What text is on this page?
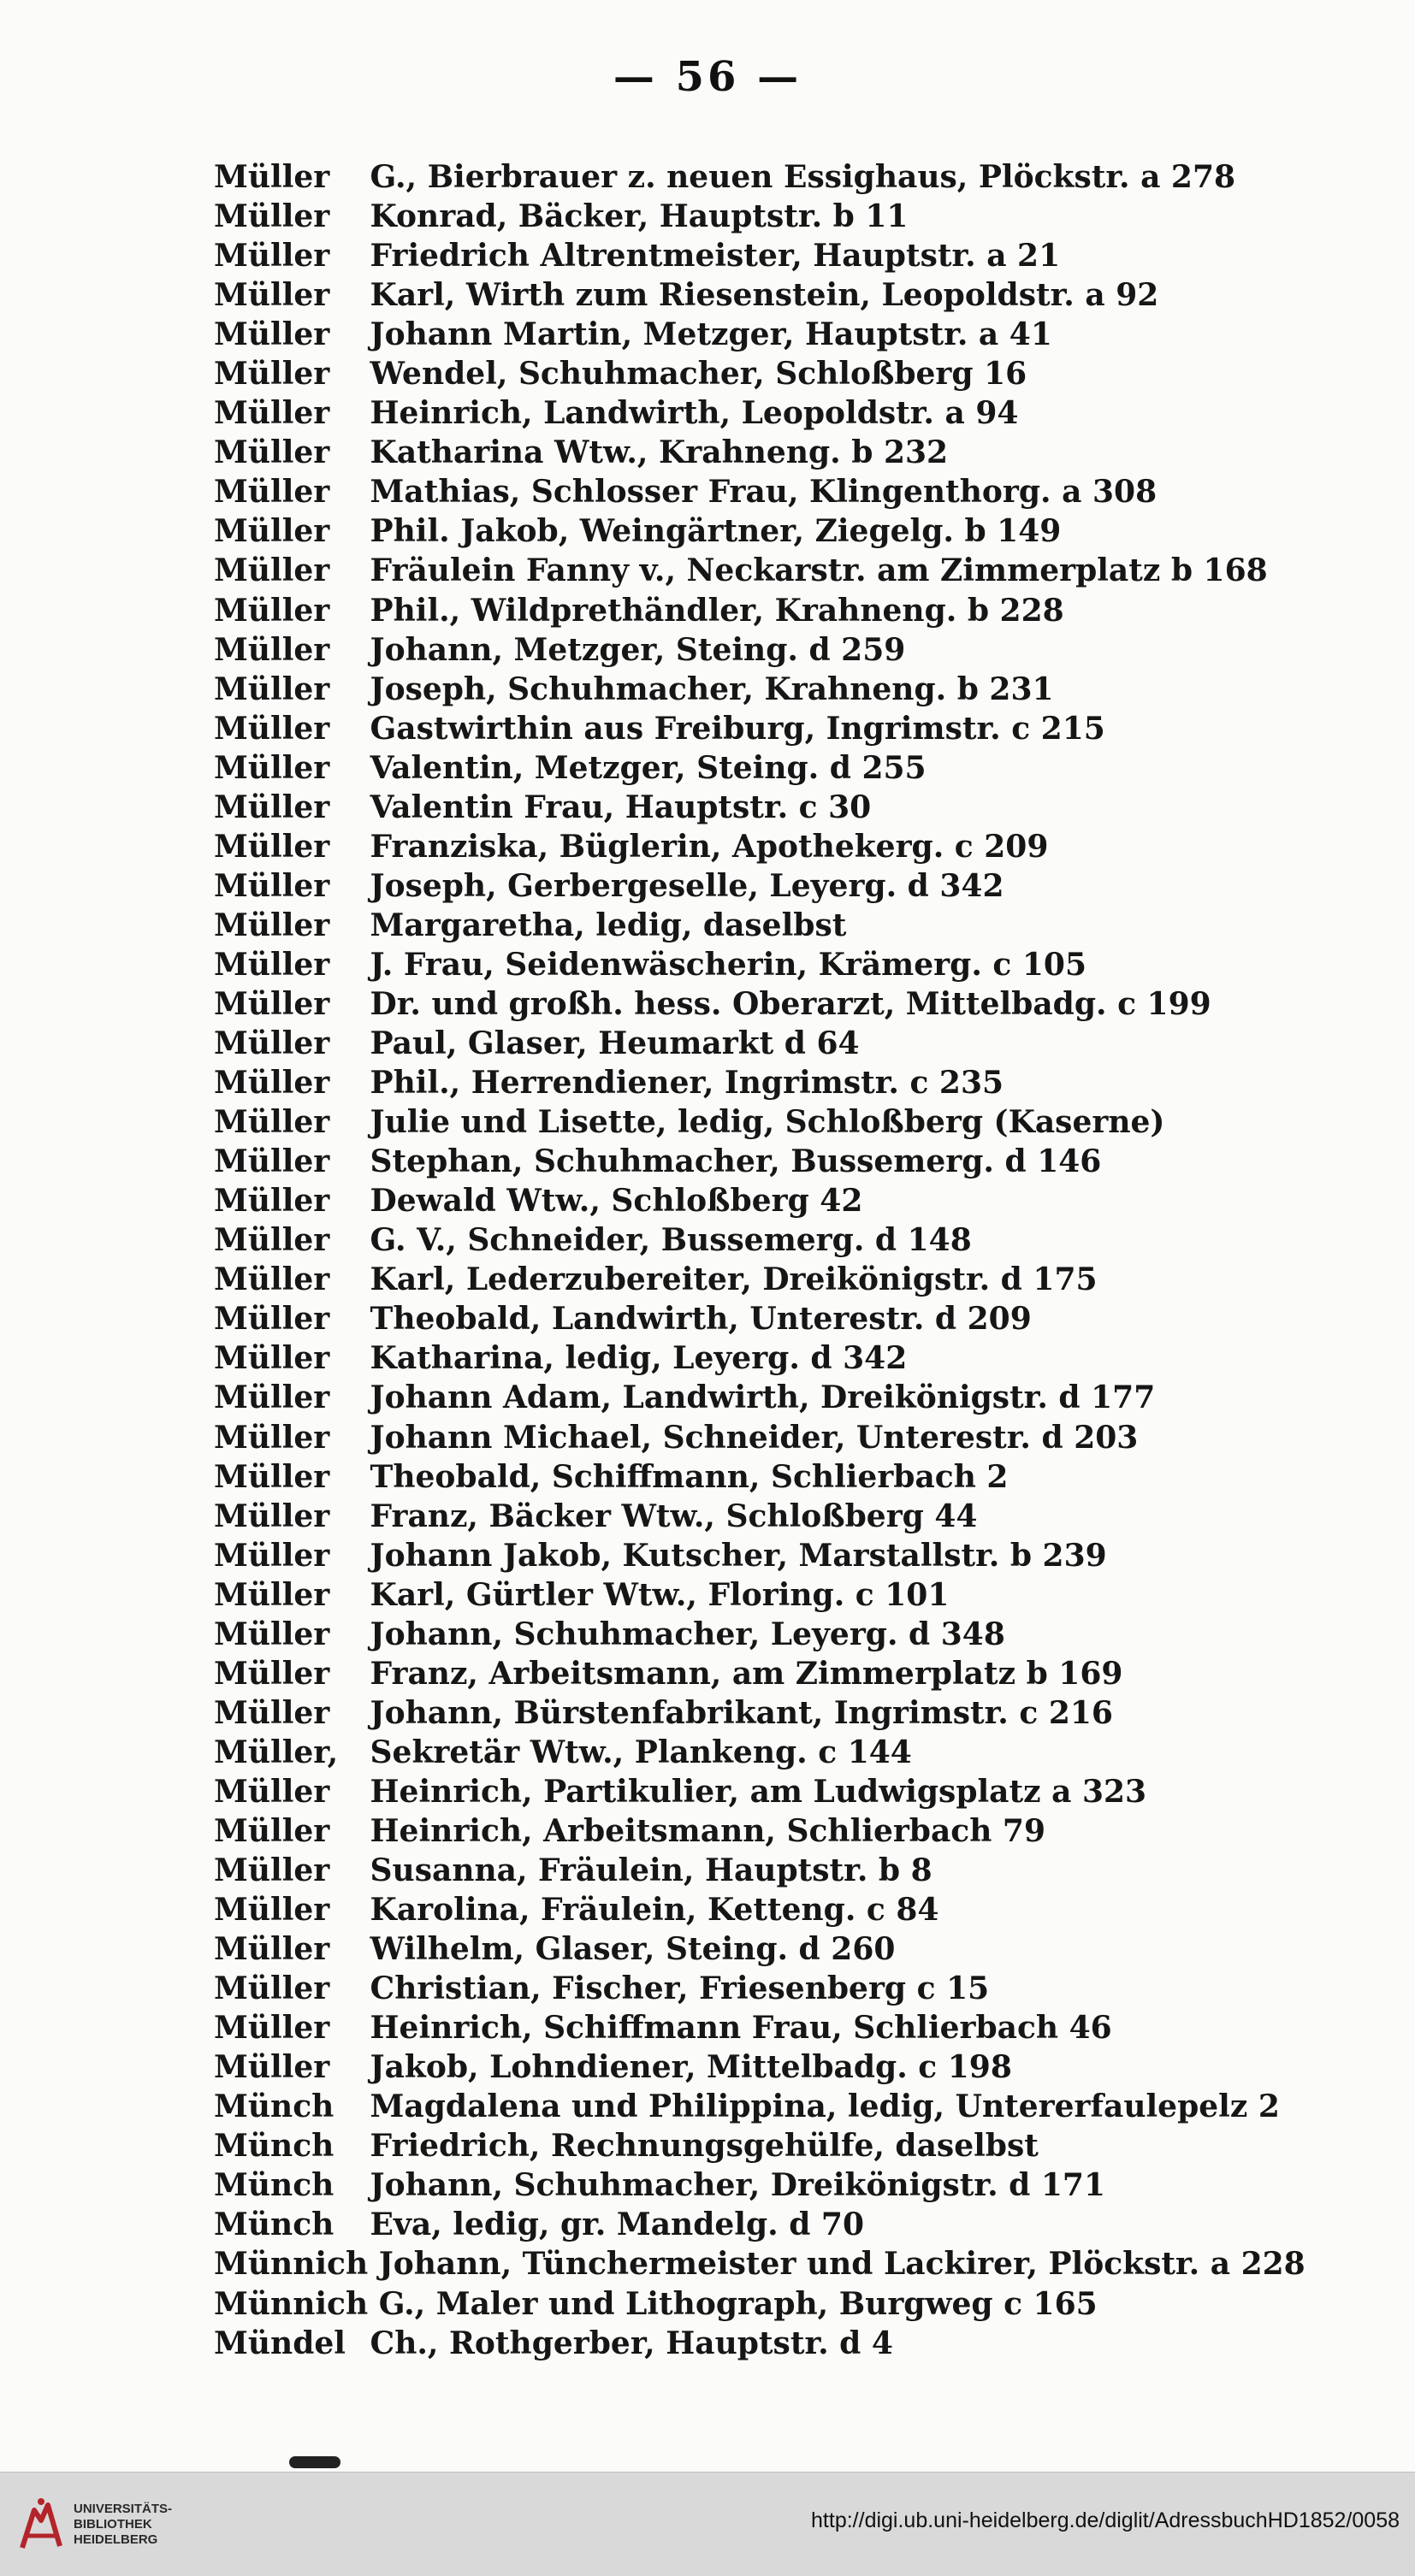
— 56 —
Müller G., Bierbrauer z. neuen Essighaus, Plöckstr. a 278
Müller Konrad, Bäcker, Hauptstr. b 11
Müller Friedrich Altrentmeister, Hauptstr. a 21
Müller Karl, Wirth zum Riesenstein, Leopoldstr. a 92
Müller Johann Martin, Metzger, Hauptstr. a 41
Müller Wendel, Schuhmacher, Schloßberg 16
Müller Heinrich, Landwirth, Leopoldstr. a 94
Müller Katharina Wtw., Krahneng. b 232
Müller Mathias, Schlosser Frau, Klingenthorg. a 308
Müller Phil. Jakob, Weingärtner, Ziegelg. b 149
Müller Fräulein Fanny v., Neckarstr. am Zimmerplatz b 168
Müller Phil., Wildprethändler, Krahneng. b 228
Müller Johann, Metzger, Steing. d 259
Müller Joseph, Schuhmacher, Krahneng. b 231
Müller Gastwirthin aus Freiburg, Ingrimstr. c 215
Müller Valentin, Metzger, Steing. d 255
Müller Valentin Frau, Hauptstr. c 30
Müller Franziska, Büglerin, Apothekerg. c 209
Müller Joseph, Gerbergeselle, Leyerg. d 342
Müller Margaretha, ledig, daselbst
Müller J. Frau, Seidenwäscherin, Krämerg. c 105
Müller Dr. und großh. hess. Oberarzt, Mittelbadg. c 199
Müller Paul, Glaser, Heumarkt d 64
Müller Phil., Herrendiener, Ingrimstr. c 235
Müller Julie und Lisette, ledig, Schloßberg (Kaserne)
Müller Stephan, Schuhmacher, Bussemerg. d 146
Müller Dewald Wtw., Schloßberg 42
Müller G. V., Schneider, Bussemerg. d 148
Müller Karl, Lederzubereiter, Dreikönigstr. d 175
Müller Theobald, Landwirth, Unterestr. d 209
Müller Katharina, ledig, Leyerg. d 342
Müller Johann Adam, Landwirth, Dreikönigstr. d 177
Müller Johann Michael, Schneider, Unterestr. d 203
Müller Theobald, Schiffmann, Schlierbach 2
Müller Franz, Bäcker Wtw., Schloßberg 44
Müller Johann Jakob, Kutscher, Marstallstr. b 239
Müller Karl, Gürtler Wtw., Floring. c 101
Müller Johann, Schuhmacher, Leyerg. d 348
Müller Franz, Arbeitsmann, am Zimmerplatz b 169
Müller Johann, Bürstenfabrikant, Ingrimstr. c 216
Müller, Sekretär Wtw., Plankeng. c 144
Müller Heinrich, Partikulier, am Ludwigsplatz a 323
Müller Heinrich, Arbeitsmann, Schlierbach 79
Müller Susanna, Fräulein, Hauptstr. b 8
Müller Karolina, Fräulein, Ketteng. c 84
Müller Wilhelm, Glaser, Steing. d 260
Müller Christian, Fischer, Friesenberg c 15
Müller Heinrich, Schiffmann Frau, Schlierbach 46
Müller Jakob, Lohndiener, Mittelbadg. c 198
Münch Magdalena und Philippina, ledig, Untererfaulepelz 2
Münch Friedrich, Rechnungsgehülfe, daselbst
Münch Johann, Schuhmacher, Dreikönigstr. d 171
Münch Eva, ledig, gr. Mandelg. d 70
Münnich Johann, Tünchermeister und Lackirer, Plöckstr. a 228
Münnich G., Maler und Lithograph, Burgweg c 165
Mündel Ch., Rothgerber, Hauptstr. d 4
UNIVERSITÄTS-
BIBLIOTHEK
HEIDELBERG
http://digi.ub.uni-heidelberg.de/diglit/AdressbuchHD1852/0058
